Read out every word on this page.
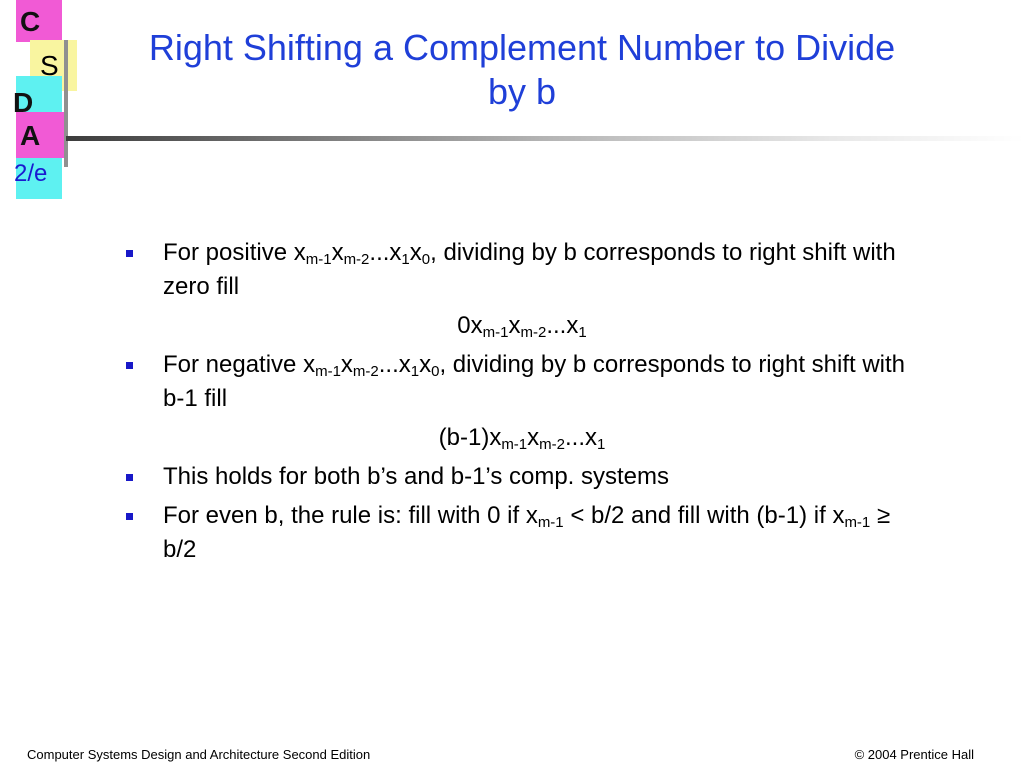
C
S
D
A
2/e
Right Shifting a Complement Number to Divide
by b
For positive $x_{m-1}x_{m-2}...x_1x_0$, dividing by b corresponds to right shift with zero fill
$0x_{m-1}x_{m-2}...x_1$
For negative $x_{m-1}x_{m-2}...x_1x_0$, dividing by b corresponds to right shift with b-1 fill
$(b-1)x_{m-1}x_{m-2}...x_1$
This holds for both b’s and b-1’s comp. systems
For even b, the rule is: fill with 0 if $x_{m-1} < b/2$ and fill with (b-1) if $x_{m-1} \ge b/2$
Computer Systems Design and Architecture Second Edition	© 2004 Prentice Hall
